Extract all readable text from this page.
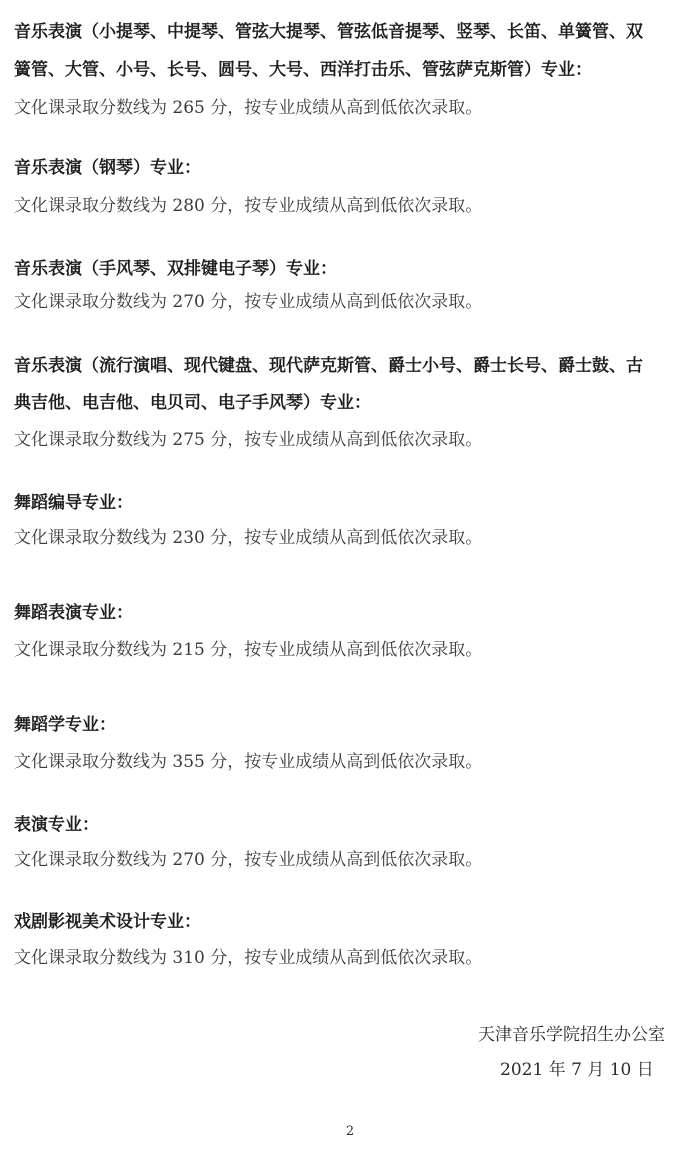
音乐表演（小提琴、中提琴、管弦大提琴、管弦低音提琴、竖琴、长笛、单簧管、双
簧管、大管、小号、长号、圆号、大号、西洋打击乐、管弦萨克斯管）专业：
文化课录取分数线为 265 分，按专业成绩从高到低依次录取。
音乐表演（钢琴）专业：
文化课录取分数线为 280 分，按专业成绩从高到低依次录取。
音乐表演（手风琴、双排键电子琴）专业：
文化课录取分数线为 270 分，按专业成绩从高到低依次录取。
音乐表演（流行演唱、现代键盘、现代萨克斯管、爵士小号、爵士长号、爵士鼓、古
典吉他、电吉他、电贝司、电子手风琴）专业：
文化课录取分数线为 275 分，按专业成绩从高到低依次录取。
舞蹈编导专业：
文化课录取分数线为 230 分，按专业成绩从高到低依次录取。
舞蹈表演专业：
文化课录取分数线为 215 分，按专业成绩从高到低依次录取。
舞蹈学专业：
文化课录取分数线为 355 分，按专业成绩从高到低依次录取。
表演专业：
文化课录取分数线为 270 分，按专业成绩从高到低依次录取。
戏剧影视美术设计专业：
文化课录取分数线为 310 分，按专业成绩从高到低依次录取。
天津音乐学院招生办公室
2021 年 7 月 10 日
2
